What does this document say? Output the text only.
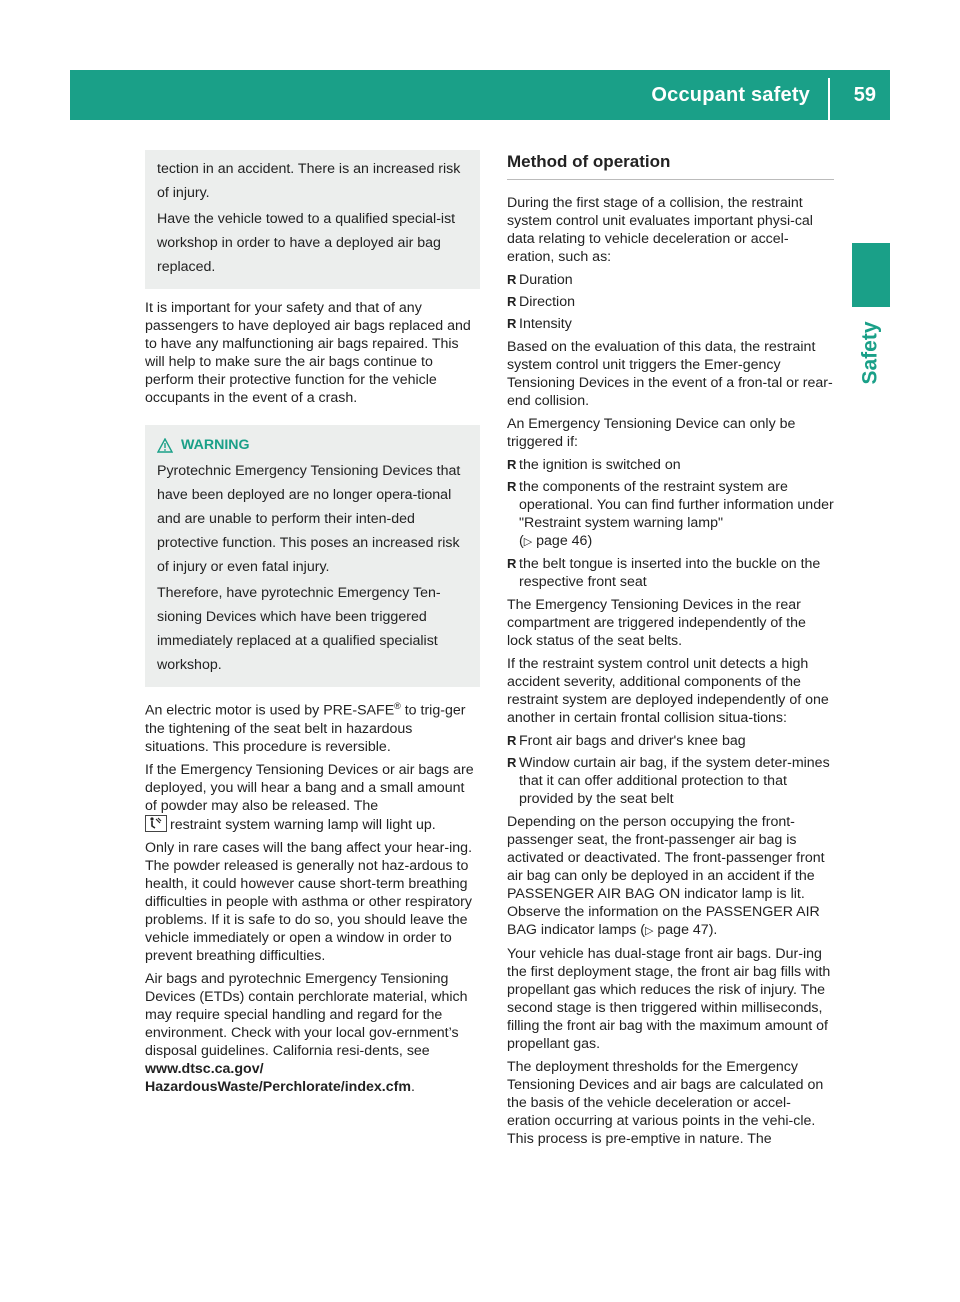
Occupant safety	59
Safety

tection in an accident. There is an increased risk of injury.

Have the vehicle towed to a qualified special-ist workshop in order to have a deployed air bag replaced.

It is important for your safety and that of any passengers to have deployed air bags replaced and to have any malfunctioning air bags repaired. This will help to make sure the air bags continue to perform their protective function for the vehicle occupants in the event of a crash.

WARNING

Pyrotechnic Emergency Tensioning Devices that have been deployed are no longer opera-tional and are unable to perform their inten-ded protective function. This poses an increased risk of injury or even fatal injury.

Therefore, have pyrotechnic Emergency Ten-sioning Devices which have been triggered immediately replaced at a qualified specialist workshop.

An electric motor is used by PRE-SAFE® to trig-ger the tightening of the seat belt in hazardous situations. This procedure is reversible.

If the Emergency Tensioning Devices or air bags are deployed, you will hear a bang and a small amount of powder may also be released. The

restraint system warning lamp will light up.

Only in rare cases will the bang affect your hear-ing. The powder released is generally not haz-ardous to health, it could however cause short-term breathing difficulties in people with asthma or other respiratory problems. If it is safe to do so, you should leave the vehicle immediately or open a window in order to prevent breathing difficulties.

Air bags and pyrotechnic Emergency Tensioning Devices (ETDs) contain perchlorate material, which may require special handling and regard for the environment. Check with your local gov-ernment’s disposal guidelines. California resi-dents, see www.dtsc.ca.gov/ HazardousWaste/Perchlorate/index.cfm.

Method of operation

During the first stage of a collision, the restraint system control unit evaluates important physi-cal data relating to vehicle deceleration or accel-eration, such as:

R Duration
R Direction
R Intensity

Based on the evaluation of this data, the restraint system control unit triggers the Emer-gency Tensioning Devices in the event of a fron-tal or rear-end collision.

An Emergency Tensioning Device can only be triggered if:

R the ignition is switched on
R the components of the restraint system are operational. You can find further information under "Restraint system warning lamp"
(▷ page 46)
R the belt tongue is inserted into the buckle on the respective front seat

The Emergency Tensioning Devices in the rear compartment are triggered independently of the lock status of the seat belts.

If the restraint system control unit detects a high accident severity, additional components of the restraint system are deployed independently of one another in certain frontal collision situa-tions:

R Front air bags and driver's knee bag
R Window curtain air bag, if the system deter-mines that it can offer additional protection to that provided by the seat belt

Depending on the person occupying the front-passenger seat, the front-passenger air bag is activated or deactivated. The front-passenger front air bag can only be deployed in an accident if the PASSENGER AIR BAG ON indicator lamp is lit. Observe the information on the PASSENGER AIR BAG indicator lamps (▷ page 47).

Your vehicle has dual-stage front air bags. Dur-ing the first deployment stage, the front air bag fills with propellant gas which reduces the risk of injury. The second stage is then triggered within milliseconds, filling the front air bag with the maximum amount of propellant gas.

The deployment thresholds for the Emergency Tensioning Devices and air bags are calculated on the basis of the vehicle deceleration or accel-eration occurring at various points in the vehi-cle. This process is pre-emptive in nature. The
